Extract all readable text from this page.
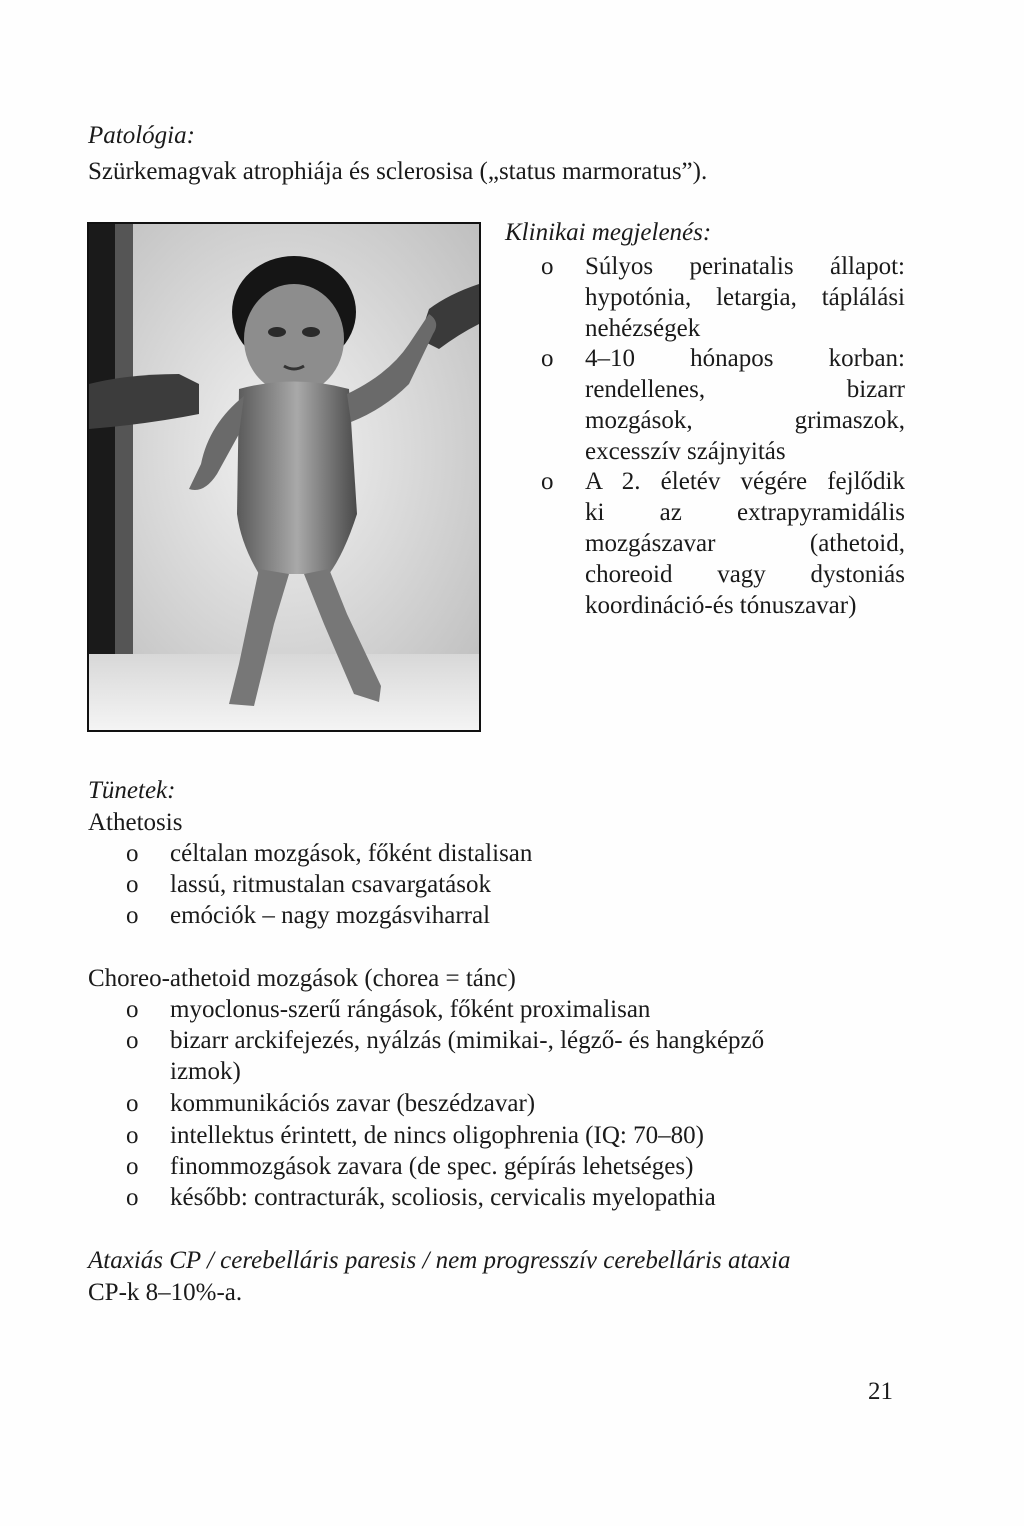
Patológia:
Szürkemagvak atrophiája és sclerosisa („status marmoratus”).
Klinikai megjelenés:
o Súlyos perinatalis állapot:
hypotónia, letargia, táplálási
nehézségek
o 4–10 hónapos korban:
rendellenes, bizarr
mozgások, grimaszok,
excesszív szájnyitás
o A 2. életév végére fejlődik
ki az extrapyramidális
mozgászavar (athetoid,
choreoid vagy dystoniás
koordináció-és tónuszavar)
Tünetek:
Athetosis
o céltalan mozgások, főként distalisan
o lassú, ritmustalan csavargatások
o emóciók – nagy mozgásviharral
Choreo-athetoid mozgások (chorea = tánc)
o myoclonus-szerű rángások, főként proximalisan
o bizarr arckifejezés, nyálzás (mimikai-, légző- és hangképző
izmok)
o kommunikációs zavar (beszédzavar)
o intellektus érintett, de nincs oligophrenia (IQ: 70–80)
o finommozgások zavara (de spec. gépírás lehetséges)
o később: contracturák, scoliosis, cervicalis myelopathia
Ataxiás CP / cerebelláris paresis / nem progresszív cerebelláris ataxia
CP-k 8–10%-a.
21
